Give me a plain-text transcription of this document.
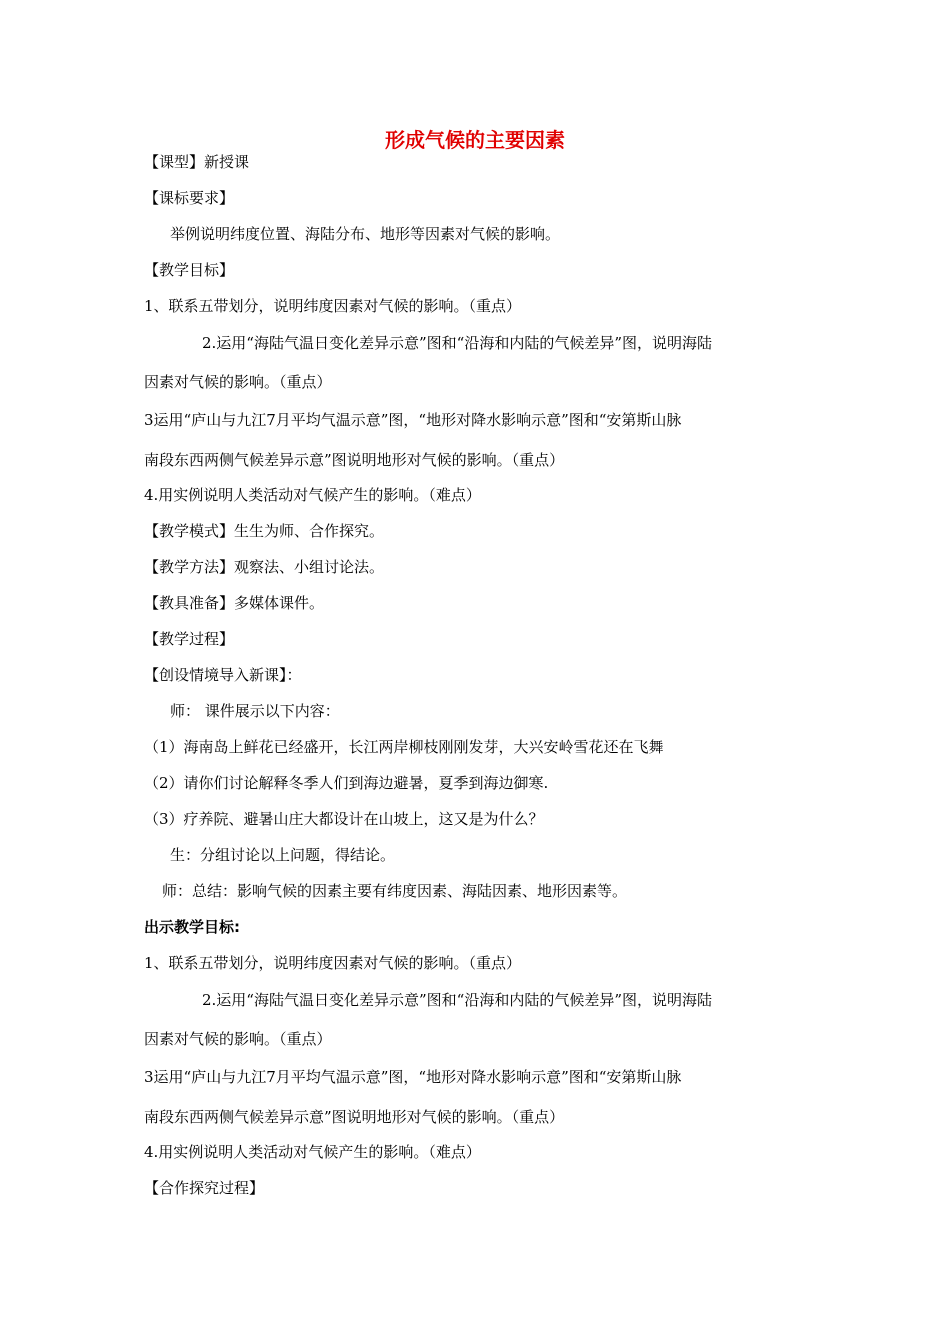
形成气候的主要因素
【课型】新授课
【课标要求】
举例说明纬度位置、海陆分布、地形等因素对气候的影响。
【教学目标】
1、联系五带划分，说明纬度因素对气候的影响。（重点）
2.运用“海陆气温日变化差异示意”图和“沿海和内陆的气候差异”图，说明海陆
因素对气候的影响。（重点）
3运用“庐山与九江7月平均气温示意”图，“地形对降水影响示意”图和“安第斯山脉
南段东西两侧气候差异示意”图说明地形对气候的影响。（重点）
4.用实例说明人类活动对气候产生的影响。（难点）
【教学模式】生生为师、合作探究。
【教学方法】观察法、小组讨论法。
【教具准备】多媒体课件。
【教学过程】
【创设情境导入新课】：
师： 课件展示以下内容：
（1）海南岛上鲜花已经盛开，长江两岸柳枝刚刚发芽，大兴安岭雪花还在飞舞
（2）请你们讨论解释冬季人们到海边避暑，夏季到海边御寒.
（3）疗养院、避暑山庄大都设计在山坡上，这又是为什么？
生：分组讨论以上问题，得结论。
师：总结：影响气候的因素主要有纬度因素、海陆因素、地形因素等。
出示教学目标:
1、联系五带划分，说明纬度因素对气候的影响。（重点）
2.运用“海陆气温日变化差异示意”图和“沿海和内陆的气候差异”图，说明海陆
因素对气候的影响。（重点）
3运用“庐山与九江7月平均气温示意”图，“地形对降水影响示意”图和“安第斯山脉
南段东西两侧气候差异示意”图说明地形对气候的影响。（重点）
4.用实例说明人类活动对气候产生的影响。（难点）
【合作探究过程】
